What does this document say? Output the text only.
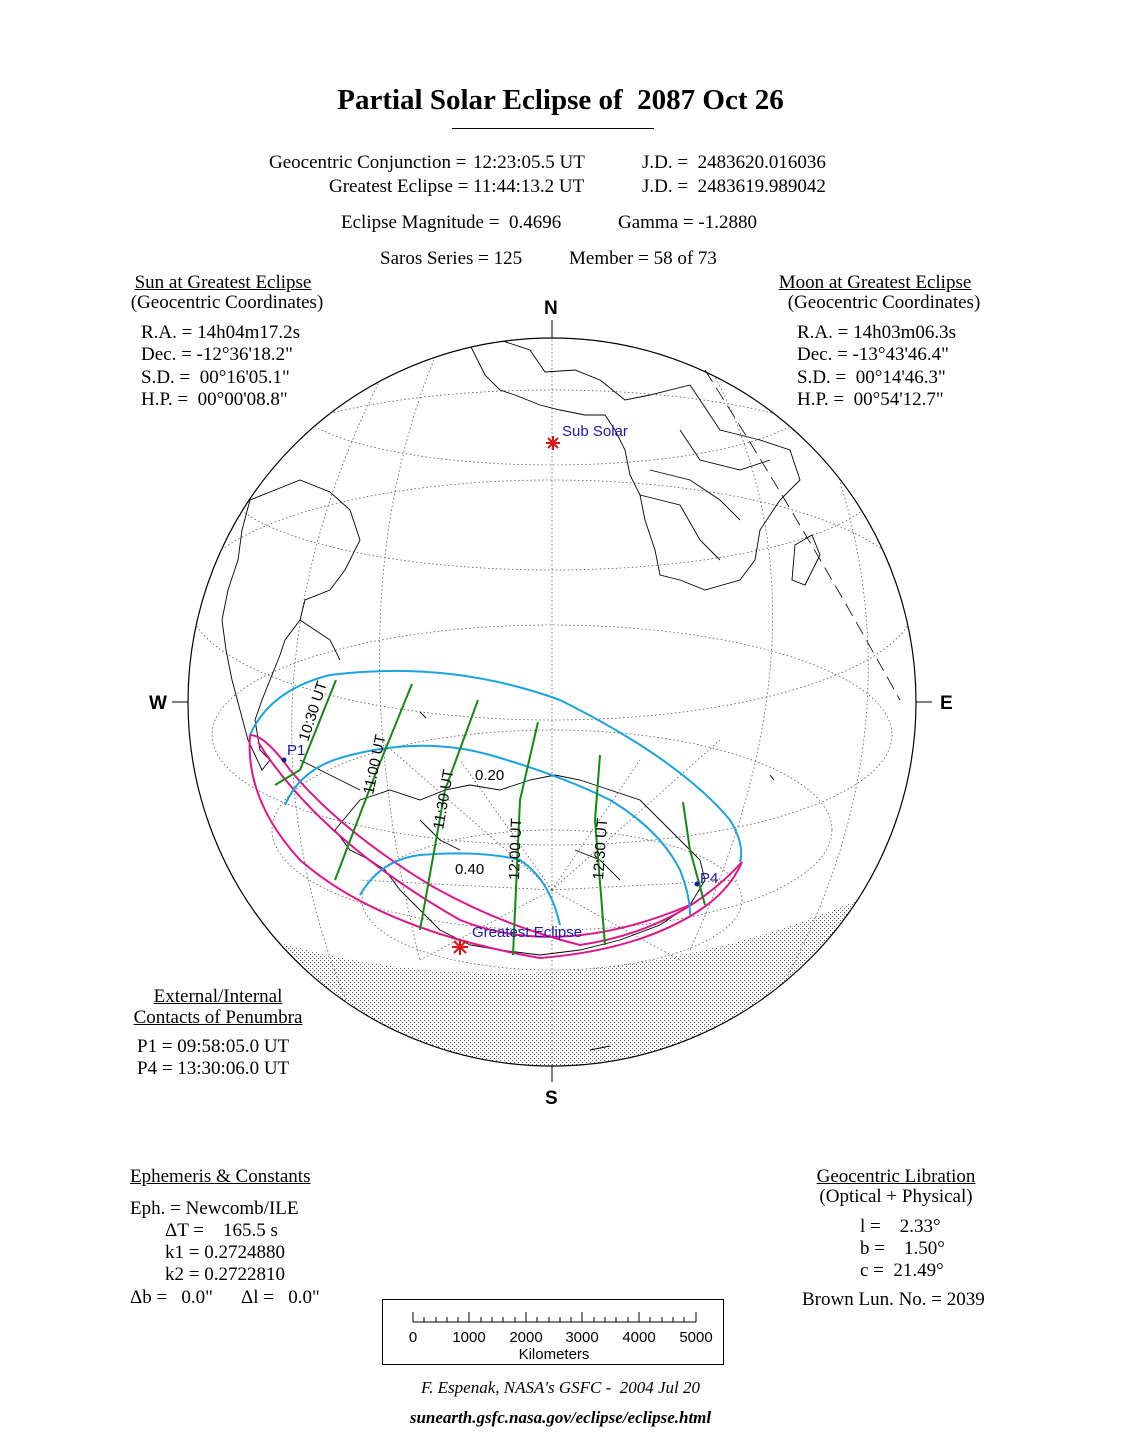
Partial Solar Eclipse of  2087 Oct 26
Geocentric Conjunction = 12:23:05.5 UT	J.D. =  2483620.016036
Greatest Eclipse = 11:44:13.2 UT	J.D. =  2483619.989042
Eclipse Magnitude =  0.4696	Gamma = -1.2880
Saros Series = 125 Member = 58 of 73
Sun at Greatest Eclipse
(Geocentric Coordinates)
R.A. = 14h04m17.2s
Dec. = -12°36'18.2"
S.D. =  00°16'05.1"
H.P. =  00°00'08.8"
Moon at Greatest Eclipse
(Geocentric Coordinates)
R.A. = 14h03m06.3s
Dec. = -13°43'46.4"
S.D. =  00°14'46.3"
H.P. =  00°54'12.7"
Sub Solar
Greatest Eclipse
P1
P4
0.20
0.40
10:30 UT
11:00 UT
11:30 UT
12:00 UT	12:30 UT
N
S
W	E
External/Internal
Contacts of Penumbra
P1 = 09:58:05.0 UT
P4 = 13:30:06.0 UT
Ephemeris & Constants
Eph. = Newcomb/ILE
ΔT =    165.5 s
k1 = 0.2724880
k2 = 0.2722810
Δb =   0.0" Δl =   0.0"
Geocentric Libration
(Optical + Physical)
l =    2.33°
b =    1.50°
c =  21.49°
Brown Lun. No. = 2039
0 1000 2000 3000 4000 5000
Kilometers
F. Espenak, NASA's GSFC -  2004 Jul 20
sunearth.gsfc.nasa.gov/eclipse/eclipse.html
